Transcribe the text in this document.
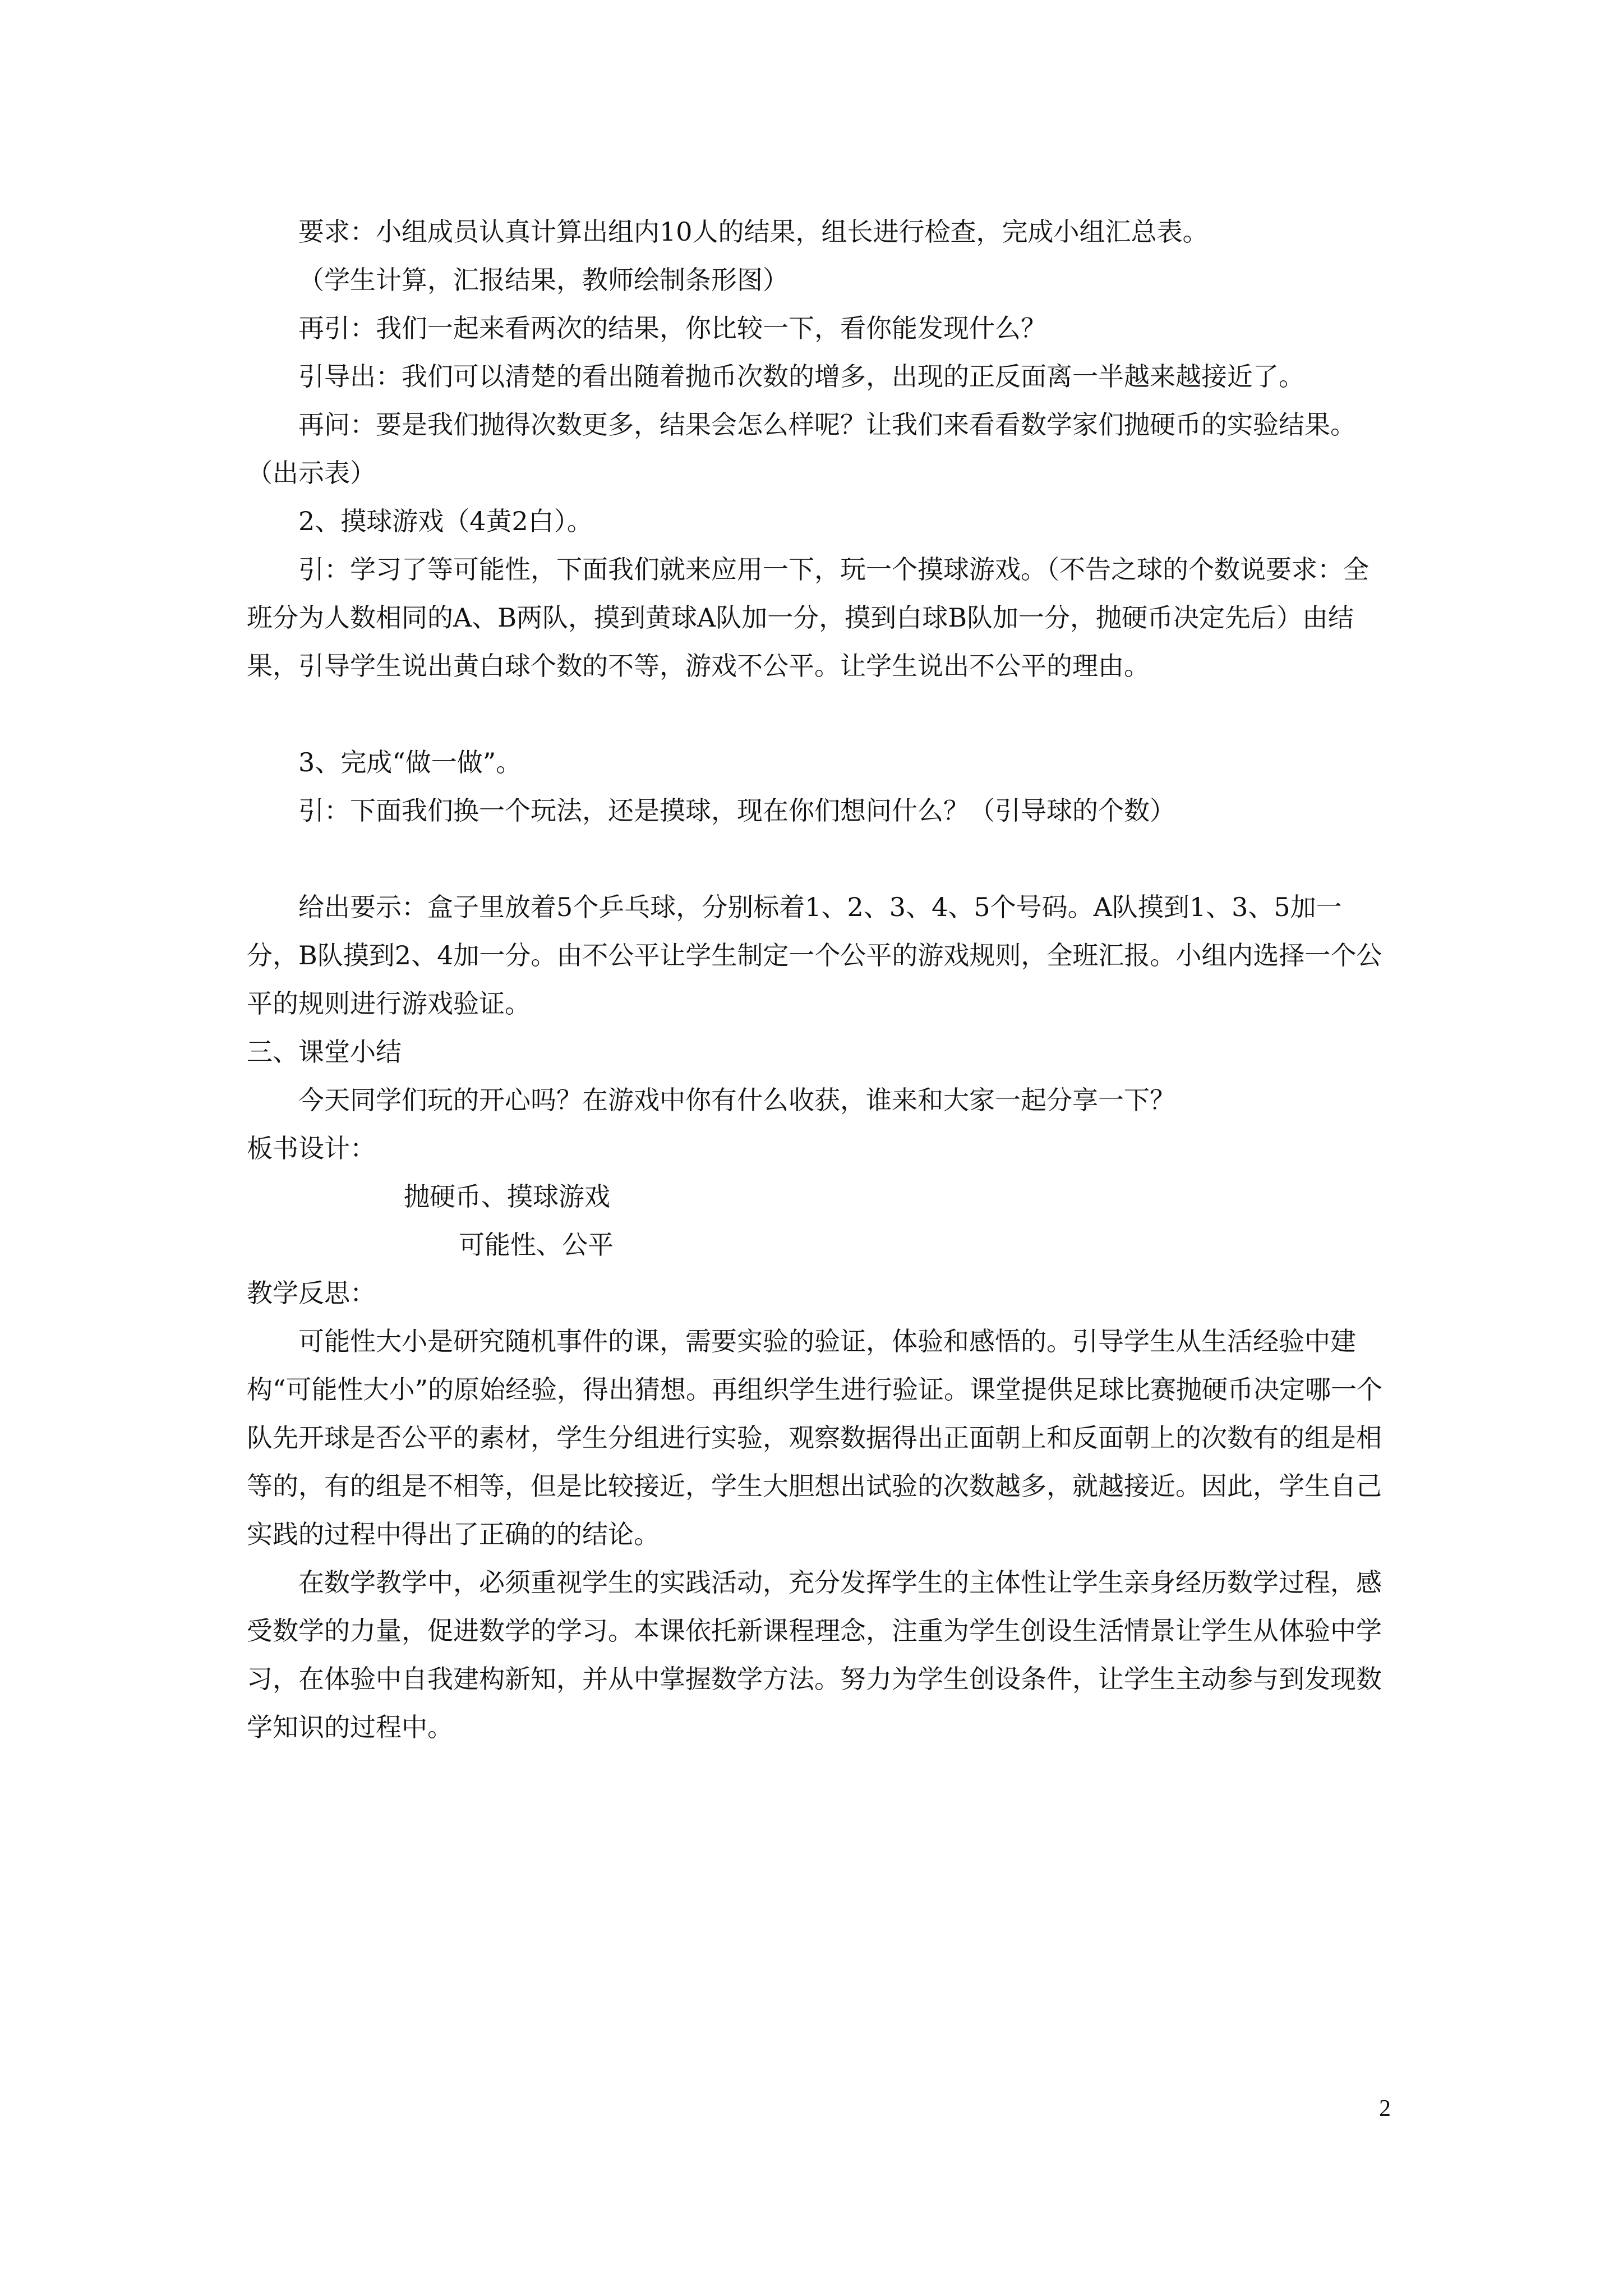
要求：小组成员认真计算出组内10人的结果，组长进行检查，完成小组汇总表。

（学生计算，汇报结果，教师绘制条形图）

再引：我们一起来看两次的结果，你比较一下，看你能发现什么？

引导出：我们可以清楚的看出随着抛币次数的增多，出现的正反面离一半越来越接近了。

再问：要是我们抛得次数更多，结果会怎么样呢？让我们来看看数学家们抛硬币的实验结果。（出示表）

2、摸球游戏（4黄2白）。

引：学习了等可能性，下面我们就来应用一下，玩一个摸球游戏。（不告之球的个数说要求：全班分为人数相同的A、B两队，摸到黄球A队加一分，摸到白球B队加一分，抛硬币决定先后）由结果，引导学生说出黄白球个数的不等，游戏不公平。让学生说出不公平的理由。

3、完成“做一做”。

引：下面我们换一个玩法，还是摸球，现在你们想问什么？（引导球的个数）

给出要示：盒子里放着5个乒乓球，分别标着1、2、3、4、5个号码。A队摸到1、3、5加一分，B队摸到2、4加一分。由不公平让学生制定一个公平的游戏规则，全班汇报。小组内选择一个公平的规则进行游戏验证。

三、课堂小结

今天同学们玩的开心吗？在游戏中你有什么收获，谁来和大家一起分享一下？

板书设计：

抛硬币、摸球游戏

可能性、公平

教学反思：

可能性大小是研究随机事件的课，需要实验的验证，体验和感悟的。引导学生从生活经验中建构“可能性大小”的原始经验，得出猜想。再组织学生进行验证。课堂提供足球比赛抛硬币决定哪一个队先开球是否公平的素材，学生分组进行实验，观察数据得出正面朝上和反面朝上的次数有的组是相等的，有的组是不相等，但是比较接近，学生大胆想出试验的次数越多，就越接近。因此，学生自己实践的过程中得出了正确的的结论。

在数学教学中，必须重视学生的实践活动，充分发挥学生的主体性让学生亲身经历数学过程，感受数学的力量，促进数学的学习。本课依托新课程理念，注重为学生创设生活情景让学生从体验中学习，在体验中自我建构新知，并从中掌握数学方法。努力为学生创设条件，让学生主动参与到发现数学知识的过程中。

2
